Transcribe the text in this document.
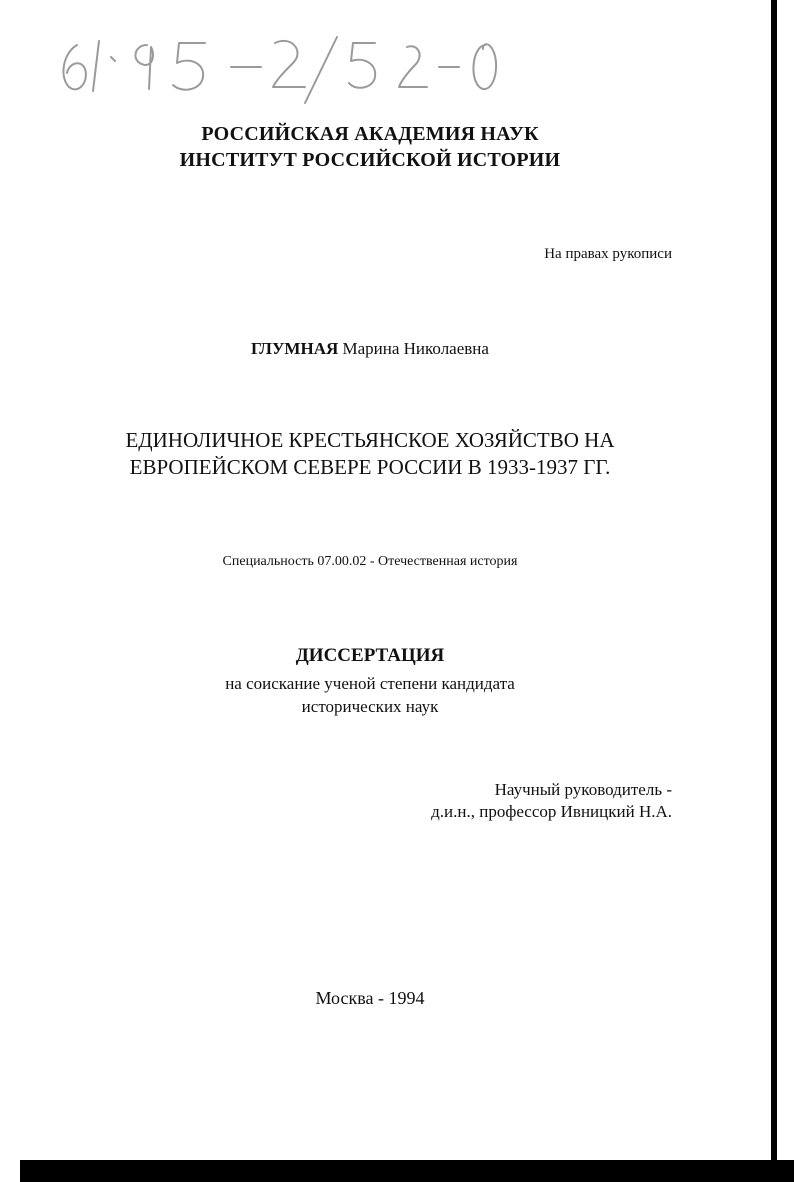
РОССИЙСКАЯ АКАДЕМИЯ НАУК
ИНСТИТУТ РОССИЙСКОЙ ИСТОРИИ
На правах рукописи
ГЛУМНАЯ Марина Николаевна
ЕДИНОЛИЧНОЕ КРЕСТЬЯНСКОЕ ХОЗЯЙСТВО НА
ЕВРОПЕЙСКОМ СЕВЕРЕ РОССИИ В 1933-1937 ГГ.
Специальность 07.00.02 - Отечественная история
ДИССЕРТАЦИЯ
на соискание ученой степени кандидата
исторических наук
Научный руководитель -
д.и.н., профессор Ивницкий Н.А.
Москва - 1994
